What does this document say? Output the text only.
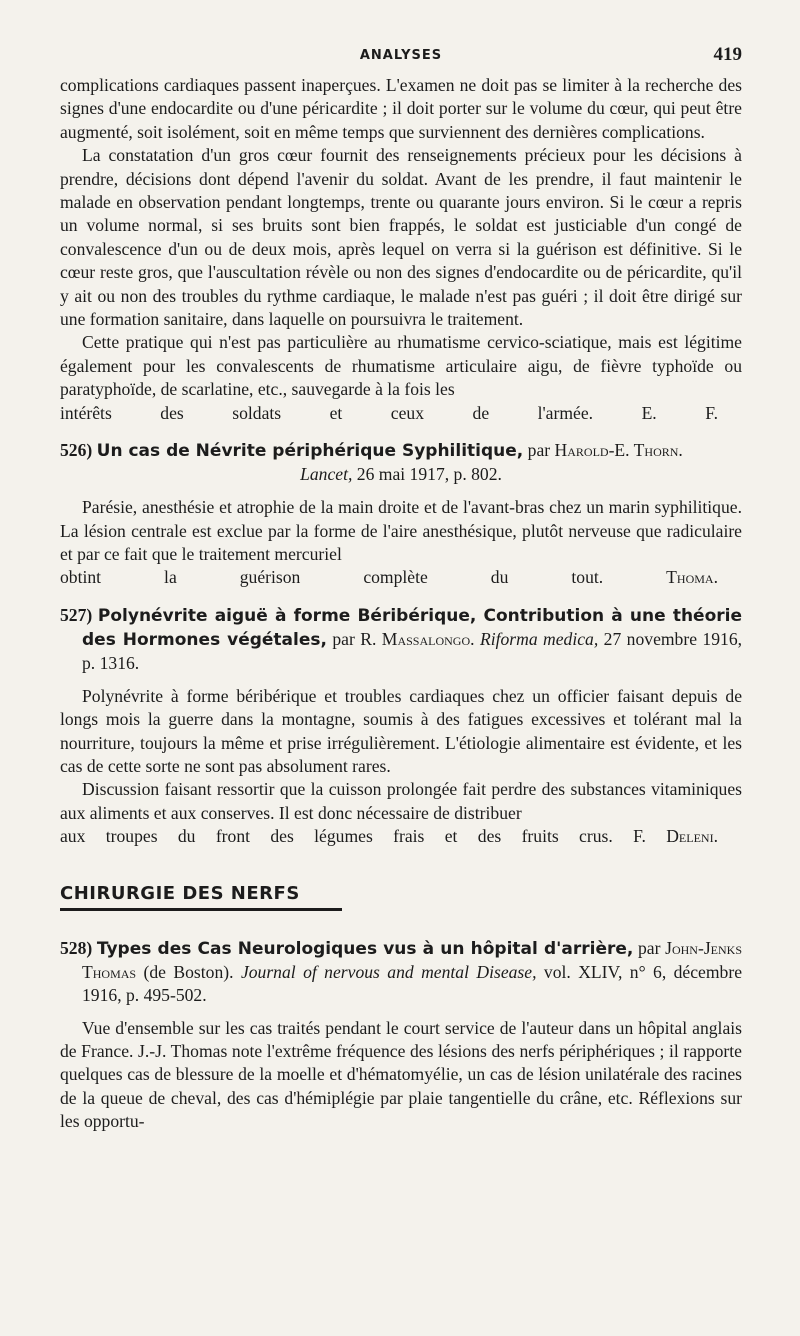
ANALYSES	419

complications cardiaques passent inaperçues. L'examen ne doit pas se limiter à la recherche des signes d'une endocardite ou d'une péricardite ; il doit porter sur le volume du cœur, qui peut être augmenté, soit isolément, soit en même temps que surviennent des dernières complications.

La constatation d'un gros cœur fournit des renseignements précieux pour les décisions à prendre, décisions dont dépend l'avenir du soldat. Avant de les prendre, il faut maintenir le malade en observation pendant longtemps, trente ou quarante jours environ. Si le cœur a repris un volume normal, si ses bruits sont bien frappés, le soldat est justiciable d'un congé de convalescence d'un ou de deux mois, après lequel on verra si la guérison est définitive. Si le cœur reste gros, que l'auscultation révèle ou non des signes d'endocardite ou de péricardite, qu'il y ait ou non des troubles du rythme cardiaque, le malade n'est pas guéri ; il doit être dirigé sur une formation sanitaire, dans laquelle on poursuivra le traitement.

Cette pratique qui n'est pas particulière au rhumatisme cervico-sciatique, mais est légitime également pour les convalescents de rhumatisme articulaire aigu, de fièvre typhoïde ou paratyphoïde, de scarlatine, etc., sauvegarde à la fois les

intérêts des soldats et ceux de l'armée.	E. F.

526) Un cas de Névrite périphérique Syphilitique, par Harold-E. Thorn.
Lancet, 26 mai 1917, p. 802.

Parésie, anesthésie et atrophie de la main droite et de l'avant-bras chez un marin syphilitique. La lésion centrale est exclue par la forme de l'aire anesthésique, plutôt nerveuse que radiculaire et par ce fait que le traitement mercuriel

obtint la guérison complète du tout.	Thoma.

527) Polynévrite aiguë à forme Béribérique, Contribution à une théorie des Hormones végétales, par R. Massalongo. Riforma medica, 27 novembre 1916, p. 1316.

Polynévrite à forme béribérique et troubles cardiaques chez un officier faisant depuis de longs mois la guerre dans la montagne, soumis à des fatigues excessives et tolérant mal la nourriture, toujours la même et prise irrégulièrement. L'étiologie alimentaire est évidente, et les cas de cette sorte ne sont pas absolument rares.

Discussion faisant ressortir que la cuisson prolongée fait perdre des substances vitaminiques aux aliments et aux conserves. Il est donc nécessaire de distribuer

aux troupes du front des légumes frais et des fruits crus. F. Deleni.

CHIRURGIE DES NERFS
528) Types des Cas Neurologiques vus à un hôpital d'arrière, par John-Jenks Thomas (de Boston). Journal of nervous and mental Disease, vol. XLIV, n° 6, décembre 1916, p. 495-502.

Vue d'ensemble sur les cas traités pendant le court service de l'auteur dans un hôpital anglais de France. J.-J. Thomas note l'extrême fréquence des lésions des nerfs périphériques ; il rapporte quelques cas de blessure de la moelle et d'hématomyélie, un cas de lésion unilatérale des racines de la queue de cheval, des cas d'hémiplégie par plaie tangentielle du crâne, etc. Réflexions sur les opportu-
